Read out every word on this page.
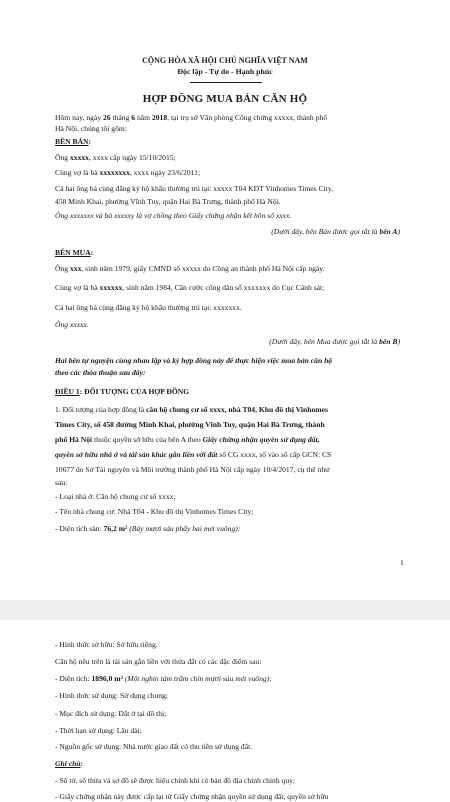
CỘNG HÒA XÃ HỘI CHỦ NGHĨA VIỆT NAM
Độc lập - Tự do - Hạnh phúc
HỢP ĐỒNG MUA BÁN CĂN HỘ
Hôm nay, ngày 26 tháng 6 năm 2018, tại trụ sở Văn phòng Công chứng xxxxx, thành phố
Hà Nội, chúng tôi gồm:
BÊN BÁN:
Ông xxxxx, xxxx cấp ngày 15/10/2015;
Cùng vợ là bà xxxxxxxx, xxxx ngày 23/6/2011;
Cả hai ông bà cùng đăng ký hộ khẩu thường trú tại: xxxxx T04 KĐT Vinhomes Times City,
458 Minh Khai, phường Vĩnh Tuy, quận Hai Bà Trưng, thành phố Hà Nội.
Ông xxxxxxx và bà xxxxxy là vợ chồng theo Giấy chứng nhận kết hôn số xxxx.
(Dưới đây, bên Bán được gọi tắt là bên A)
BÊN MUA:
Ông xxx, sinh năm 1979, giấy CMND số xxxxx do Công an thành phố Hà Nội cấp ngày.
Cùng vợ là bà xxxxxx, sinh năm 1984, Căn cước công dân số xxxxxxx do Cục Cảnh sát;
Cả hai ông bà cùng đăng ký hộ khẩu thường trú tại: xxxxxxx.
Ông xxxxx.
(Dưới đây, bên Mua được gọi tắt là bên B)
Hai bên tự nguyện cùng nhau lập và ký hợp đồng này để thực hiện việc mua bán căn hộ
theo các thỏa thuận sau đây:
ĐIỀU 1: ĐỐI TƯỢNG CỦA HỢP ĐỒNG
1. Đối tượng của hợp đồng là căn hộ chung cư số xxxx, nhà T04, Khu đô thị Vinhomes
Times City, số 458 đường Minh Khai, phường Vĩnh Tuy, quận Hai Bà Trưng, thành
phố Hà Nội thuộc quyền sở hữu của bên A theo Giấy chứng nhận quyền sử dụng đất,
quyền sở hữu nhà ở và tài sản khác gắn liền với đất số CG xxxx, số vào sổ cấp GCN: CS
10677 do Sở Tài nguyên và Môi trường thành phố Hà Nội cấp ngày 10/4/2017, cụ thể như
sau:
- Loại nhà ở: Căn hộ chung cư số xxxx;
- Tên nhà chung cư: Nhà T04 - Khu đô thị Vinhomes Times City;
- Diện tích sàn: 76,2 m² (Bảy mươi sáu phẩy hai mét vuông);
1
- Hình thức sở hữu: Sở hữu riêng.
Căn hộ nêu trên là tài sản gắn liền với thửa đất có các đặc điểm sau:
- Diện tích: 1896,0 m² (Một nghìn tám trăm chín mươi sáu mét vuông);
- Hình thức sử dụng: Sử dụng chung;
- Mục đích sử dụng: Đất ở tại đô thị;
- Thời hạn sử dụng: Lâu dài;
- Nguồn gốc sử dụng: Nhà nước giao đất có thu tiền sử dụng đất.
Ghi chú:
- Số tờ, số thửa và sơ đồ sẽ được hiệu chỉnh khi có bản đồ địa chính chính quy;
- Giấy chứng nhận này được cấp lại từ Giấy chứng nhận quyền sử dụng đất, quyền sở hữu
